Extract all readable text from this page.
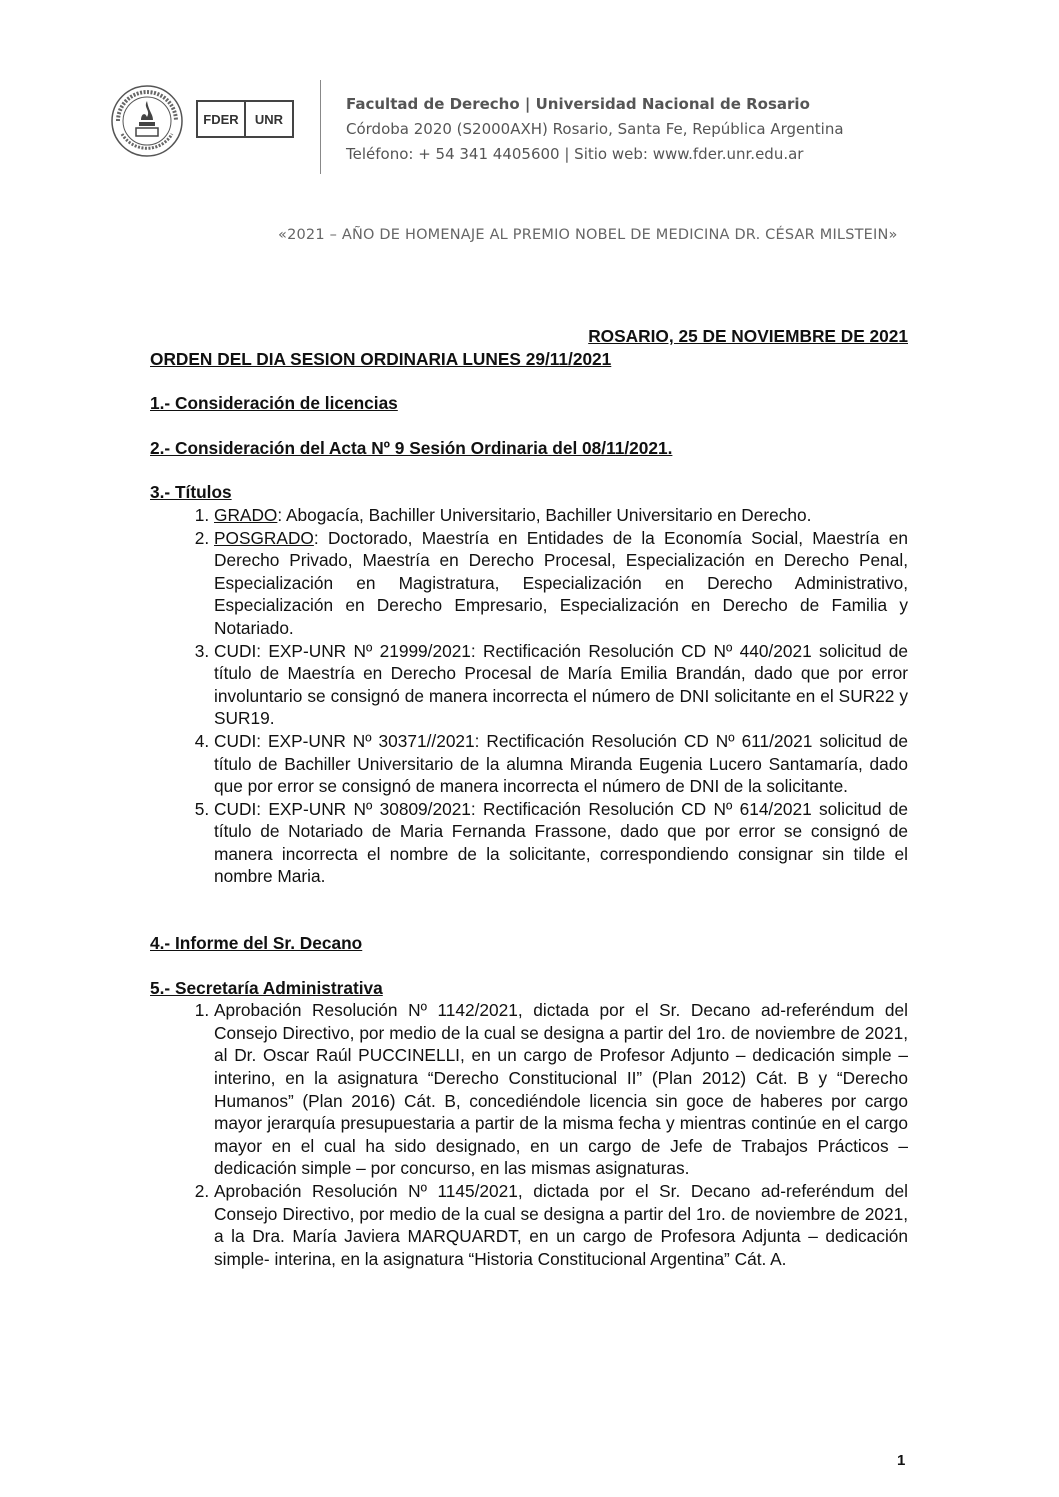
FDER	UNR
Facultad de Derecho | Universidad Nacional de Rosario
Córdoba 2020 (S2000AXH) Rosario, Santa Fe, República Argentina
Teléfono: + 54 341 4405600 | Sitio web: www.fder.unr.edu.ar
«2021 – AÑO DE HOMENAJE AL PREMIO NOBEL DE MEDICINA DR. CÉSAR MILSTEIN»

ROSARIO, 25 DE NOVIEMBRE DE 2021

ORDEN DEL DIA SESION ORDINARIA LUNES 29/11/2021

1.- Consideración de licencias

2.- Consideración del Acta Nº 9 Sesión Ordinaria del 08/11/2021.

3.- Títulos

1. GRADO: Abogacía, Bachiller Universitario, Bachiller Universitario en Derecho.
2. POSGRADO: Doctorado, Maestría en Entidades de la Economía Social, Maestría en Derecho Privado, Maestría en Derecho Procesal, Especialización en Derecho Penal, Especialización en Magistratura, Especialización en Derecho Administrativo, Especialización en Derecho Empresario, Especialización en Derecho de Familia y Notariado.
3. CUDI: EXP-UNR Nº 21999/2021: Rectificación Resolución CD Nº 440/2021 solicitud de título de Maestría en Derecho Procesal de María Emilia Brandán, dado que por error involuntario se consignó de manera incorrecta el número de DNI solicitante en el SUR22 y SUR19.
4. CUDI: EXP-UNR Nº 30371//2021: Rectificación Resolución CD Nº 611/2021 solicitud de título de Bachiller Universitario de la alumna Miranda Eugenia Lucero Santamaría, dado que por error se consignó de manera incorrecta el número de DNI de la solicitante.
5. CUDI: EXP-UNR Nº 30809/2021: Rectificación Resolución CD Nº 614/2021 solicitud de título de Notariado de Maria Fernanda Frassone, dado que por error se consignó de manera incorrecta el nombre de la solicitante, correspondiendo consignar sin tilde el nombre Maria.

4.- Informe del Sr. Decano

5.- Secretaría Administrativa

1. Aprobación Resolución Nº 1142/2021, dictada por el Sr. Decano ad-referéndum del Consejo Directivo, por medio de la cual se designa a partir del 1ro. de noviembre de 2021, al Dr. Oscar Raúl PUCCINELLI, en un cargo de Profesor Adjunto – dedicación simple – interino, en la asignatura “Derecho Constitucional II” (Plan 2012) Cát. B y “Derecho Humanos” (Plan 2016) Cát. B, concediéndole licencia sin goce de haberes por cargo mayor jerarquía presupuestaria a partir de la misma fecha y mientras continúe en el cargo mayor en el cual ha sido designado, en un cargo de Jefe de Trabajos Prácticos – dedicación simple – por concurso, en las mismas asignaturas.
2. Aprobación Resolución Nº 1145/2021, dictada por el Sr. Decano ad-referéndum del Consejo Directivo, por medio de la cual se designa a partir del 1ro. de noviembre de 2021, a la Dra. María Javiera MARQUARDT, en un cargo de Profesora Adjunta – dedicación simple- interina, en la asignatura “Historia Constitucional Argentina” Cát. A.
1
